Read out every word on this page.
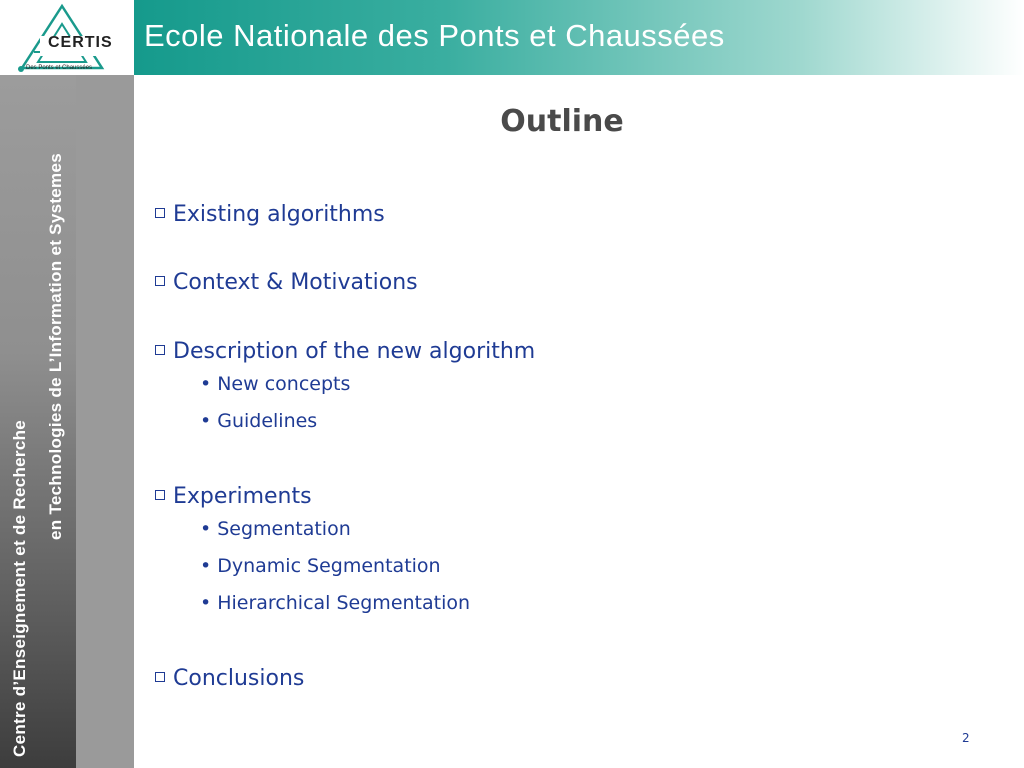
CERTIS
Des Ponts et Chaussées
Ecole Nationale des Ponts et Chaussées
Centre d’Enseignement et de Recherche
en Technologies de L’Information et Systemes
Outline
Existing algorithms
Context & Motivations
Description of the new algorithm
• New concepts
• Guidelines
Experiments
• Segmentation
• Dynamic Segmentation
• Hierarchical Segmentation
Conclusions
2
